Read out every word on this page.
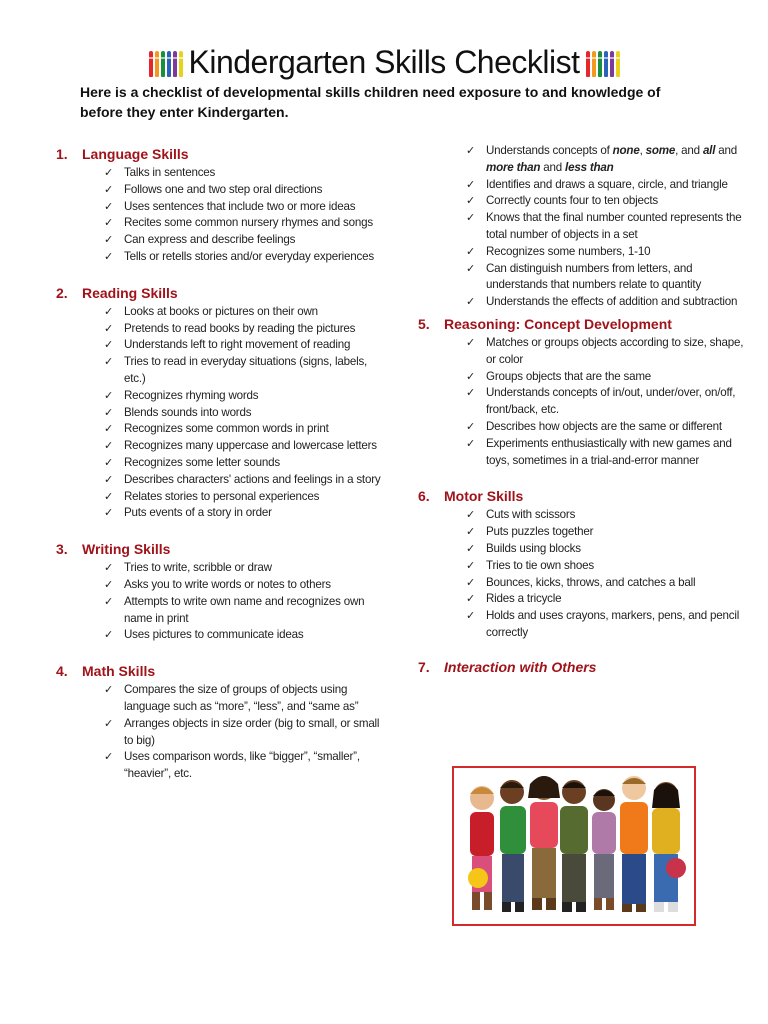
Kindergarten Skills Checklist
Here is a checklist of developmental skills children need exposure to and knowledge of before they enter Kindergarten.
1.	Language Skills
✓ Talks in sentences
✓ Follows one and two step oral directions
✓ Uses sentences that include two or more ideas
✓ Recites some common nursery rhymes and songs
✓ Can express and describe feelings
✓ Tells or retells stories and/or everyday experiences
2.	Reading Skills
✓ Looks at books or pictures on their own
✓ Pretends to read books by reading the pictures
✓ Understands left to right movement of reading
✓ Tries to read in everyday situations (signs, labels, etc.)
✓ Recognizes rhyming words
✓ Blends sounds into words
✓ Recognizes some common words in print
✓ Recognizes many uppercase and lowercase letters
✓ Recognizes some letter sounds
✓ Describes characters' actions and feelings in a story
✓ Relates stories to personal experiences
✓ Puts events of a story in order
3.	Writing Skills
✓ Tries to write, scribble or draw
✓ Asks you to write words or notes to others
✓ Attempts to write own name and recognizes own name in print
✓ Uses pictures to communicate ideas
4.	Math Skills
✓ Compares the size of groups of objects using language such as “more”, “less”, and “same as”
✓ Arranges objects in size order (big to small, or small to big)
✓ Uses comparison words, like “bigger”, “smaller”, “heavier”, etc.
✓ Understands concepts of none, some, and all and more than and less than
✓ Identifies and draws a square, circle, and triangle
✓ Correctly counts four to ten objects
✓ Knows that the final number counted represents the total number of objects in a set
✓ Recognizes some numbers, 1-10
✓ Can distinguish numbers from letters, and understands that numbers relate to quantity
✓ Understands the effects of addition and subtraction
5.	Reasoning: Concept Development
✓ Matches or groups objects according to size, shape, or color
✓ Groups objects that are the same
✓ Understands concepts of in/out, under/over, on/off, front/back, etc.
✓ Describes how objects are the same or different
✓ Experiments enthusiastically with new games and toys, sometimes in a trial-and-error manner
6.	Motor Skills
✓ Cuts with scissors
✓ Puts puzzles together
✓ Builds using blocks
✓ Tries to tie own shoes
✓ Bounces, kicks, throws, and catches a ball
✓ Rides a tricycle
✓ Holds and uses crayons, markers, pens, and pencil correctly
7.	Interaction with Others
